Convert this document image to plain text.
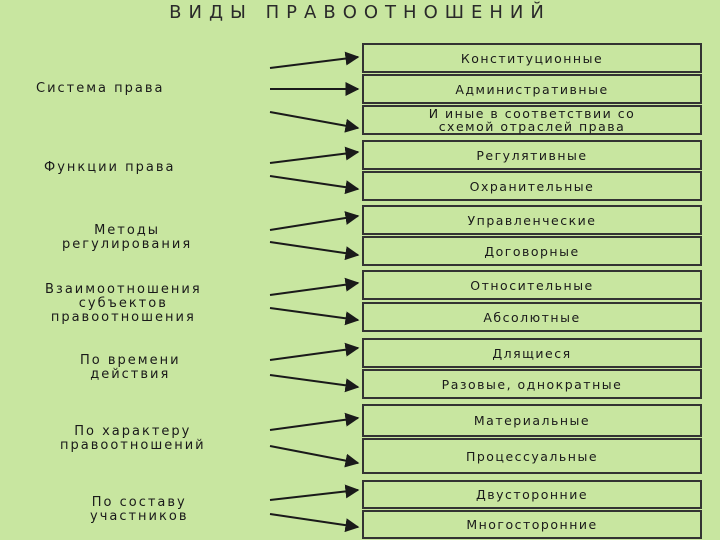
ВИДЫ ПРАВООТНОШЕНИЙ
Система права
Функции права
Методы
регулирования
Взаимоотношения
субъектов
правоотношения
По времени
действия
По характеру
правоотношений
По составу
участников
Конституционные
Административные
И иные в соответствии со
схемой отраслей права
Регулятивные
Охранительные
Управленческие
Договорные
Относительные
Абсолютные
Длящиеся
Разовые, однократные
Материальные
Процессуальные
Двусторонние
Многосторонние
